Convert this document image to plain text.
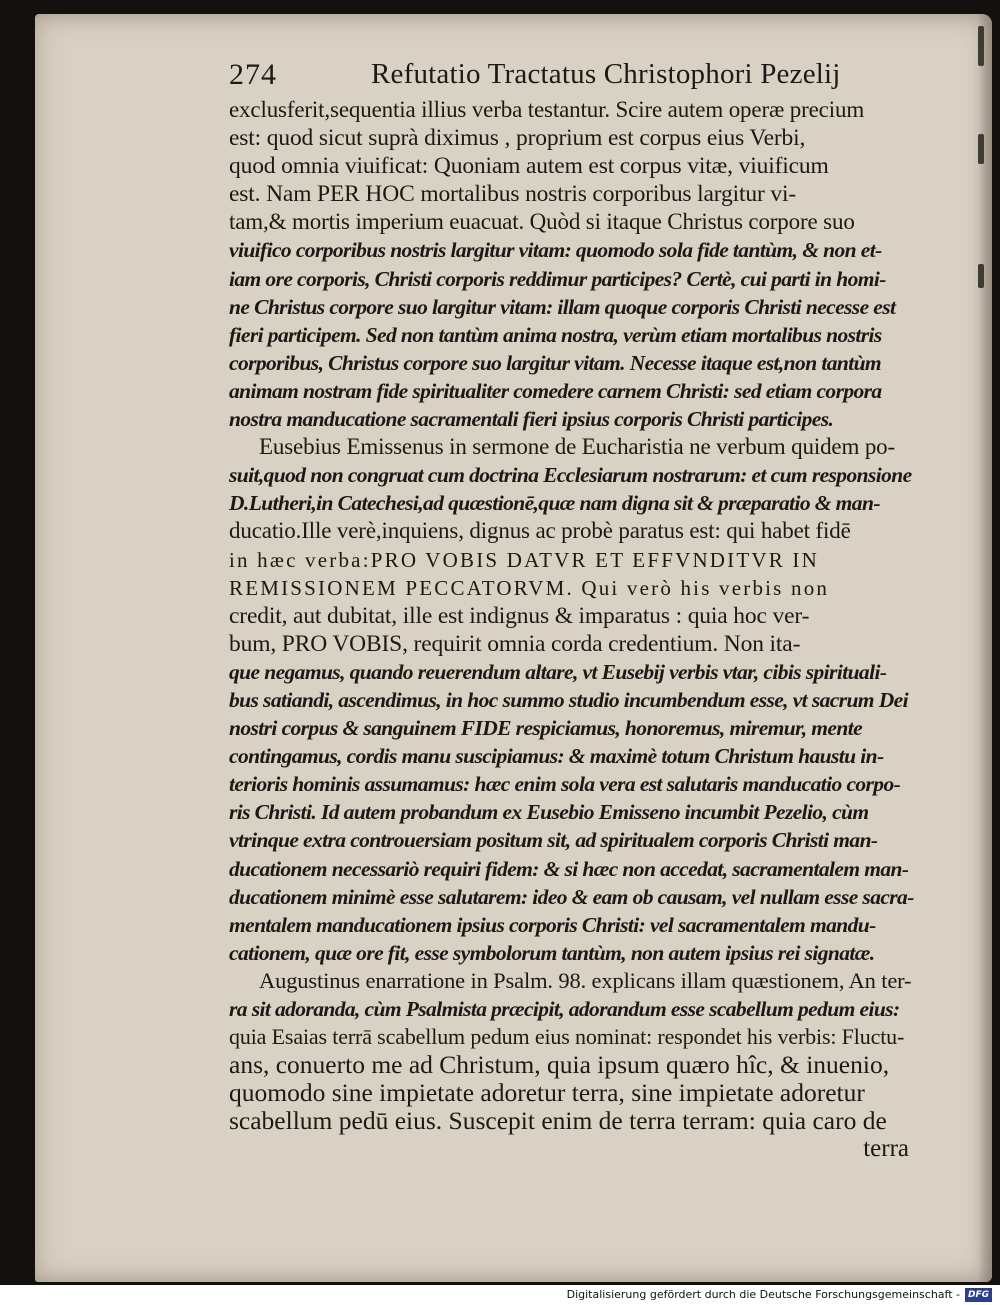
274	Refutatio Tractatus Christophori Pezelij
exclusferit,sequentia illius verba testantur. Scire autem operæ precium
est: quod sicut suprà diximus , proprium est corpus eius Verbi,
quod omnia viuificat: Quoniam autem est corpus vitæ, viuificum
est. Nam PER HOC mortalibus nostris corporibus largitur vi-
tam,& mortis imperium euacuat. Quòd si itaque Christus corpore suo
viuifico corporibus nostris largitur vitam: quomodo sola fide tantùm, & non et-
iam ore corporis, Christi corporis reddimur participes? Certè, cui parti in homi-
ne Christus corpore suo largitur vitam: illam quoque corporis Christi necesse est
fieri participem. Sed non tantùm anima nostra, verùm etiam mortalibus nostris
corporibus, Christus corpore suo largitur vitam. Necesse itaque est,non tantùm
animam nostram fide spiritualiter comedere carnem Christi: sed etiam corpora
nostra manducatione sacramentali fieri ipsius corporis Christi participes.
Eusebius Emissenus in sermone de Eucharistia ne verbum quidem po-
suit,quod non congruat cum doctrina Ecclesiarum nostrarum: et cum responsione
D.Lutheri,in Catechesi,ad quæstionē,quæ nam digna sit & præparatio & man-
ducatio.Ille verè,inquiens, dignus ac probè paratus est: qui habet fidē
in hæc verba:PRO VOBIS DATVR ET EFFVNDITVR IN
REMISSIONEM PECCATORVM. Qui verò his verbis non
credit, aut dubitat, ille est indignus & imparatus : quia hoc ver-
bum, PRO VOBIS, requirit omnia corda credentium. Non ita-
que negamus, quando reuerendum altare, vt Eusebij verbis vtar, cibis spirituali-
bus satiandi, ascendimus, in hoc summo studio incumbendum esse, vt sacrum Dei
nostri corpus & sanguinem FIDE respiciamus, honoremus, miremur, mente
contingamus, cordis manu suscipiamus: & maximè totum Christum haustu in-
terioris hominis assumamus: hæc enim sola vera est salutaris manducatio corpo-
ris Christi. Id autem probandum ex Eusebio Emisseno incumbit Pezelio, cùm
vtrinque extra controuersiam positum sit, ad spiritualem corporis Christi man-
ducationem necessariò requiri fidem: & si hæc non accedat, sacramentalem man-
ducationem minimè esse salutarem: ideo & eam ob causam, vel nullam esse sacra-
mentalem manducationem ipsius corporis Christi: vel sacramentalem mandu-
cationem, quæ ore fit, esse symbolorum tantùm, non autem ipsius rei signatæ.
Augustinus enarratione in Psalm. 98. explicans illam quæstionem, An ter-
ra sit adoranda, cùm Psalmista præcipit, adorandum esse scabellum pedum eius:
quia Esaias terrā scabellum pedum eius nominat: respondet his verbis: Fluctu-
ans, conuerto me ad Christum, quia ipsum quæro hîc, & inuenio,
quomodo sine impietate adoretur terra, sine impietate adoretur
scabellum pedū eius. Suscepit enim de terra terram: quia caro de
terra
Digitalisierung gefördert durch die Deutsche Forschungsgemeinschaft - DFG
